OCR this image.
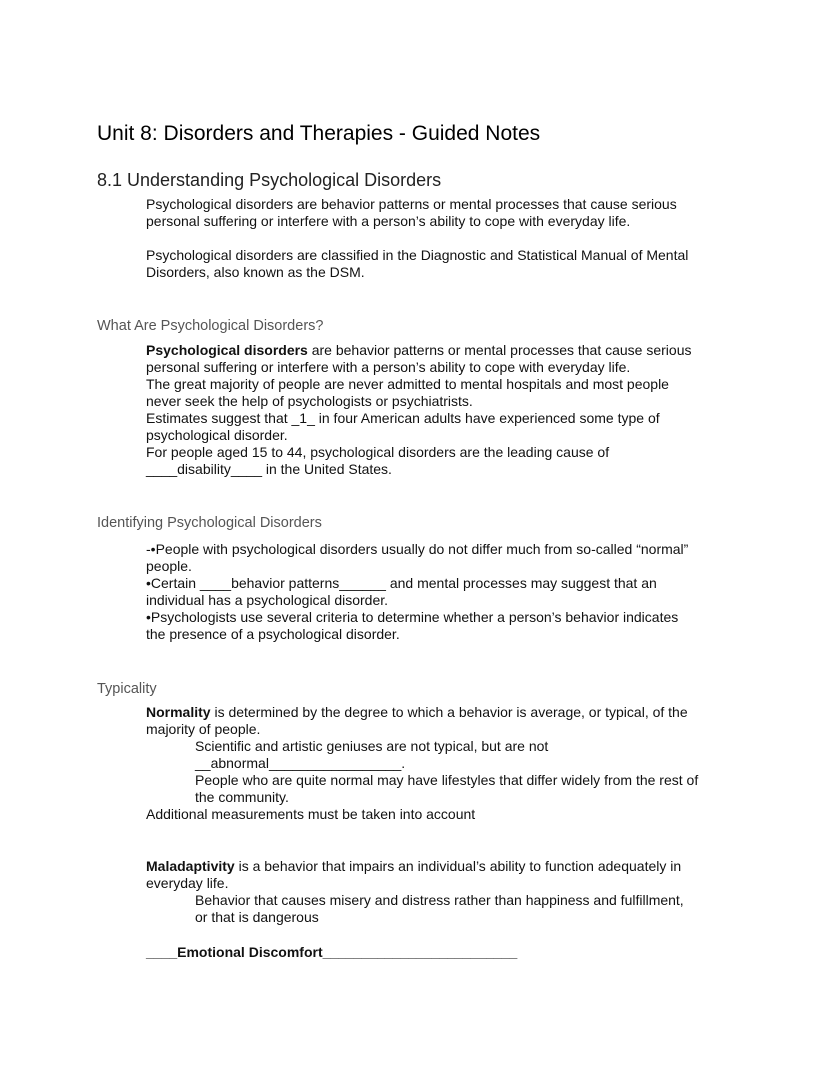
Unit 8: Disorders and Therapies - Guided Notes
8.1 Understanding Psychological Disorders

Psychological disorders are behavior patterns or mental processes that cause serious

personal suffering or interfere with a person’s ability to cope with everyday life.

Psychological disorders are classified in the Diagnostic and Statistical Manual of Mental

Disorders, also known as the DSM.

What Are Psychological Disorders?

Psychological disorders are behavior patterns or mental processes that cause serious

personal suffering or interfere with a person’s ability to cope with everyday life.

The great majority of people are never admitted to mental hospitals and most people

never seek the help of psychologists or psychiatrists.

Estimates suggest that _1_ in four American adults have experienced some type of

psychological disorder.

For people aged 15 to 44, psychological disorders are the leading cause of

____disability____ in the United States.

Identifying Psychological Disorders

-•People with psychological disorders usually do not differ much from so-called “normal”

people.

•Certain ____behavior patterns______ and mental processes may suggest that an

individual has a psychological disorder.

•Psychologists use several criteria to determine whether a person’s behavior indicates

the presence of a psychological disorder.

Typicality

Normality is determined by the degree to which a behavior is average, or typical, of the

majority of people.

Scientific and artistic geniuses are not typical, but are not

__abnormal_________________.

People who are quite normal may have lifestyles that differ widely from the rest of

the community.

Additional measurements must be taken into account

Maladaptivity is a behavior that impairs an individual’s ability to function adequately in

everyday life.

Behavior that causes misery and distress rather than happiness and fulfillment,

or that is dangerous

____Emotional Discomfort_________________________
